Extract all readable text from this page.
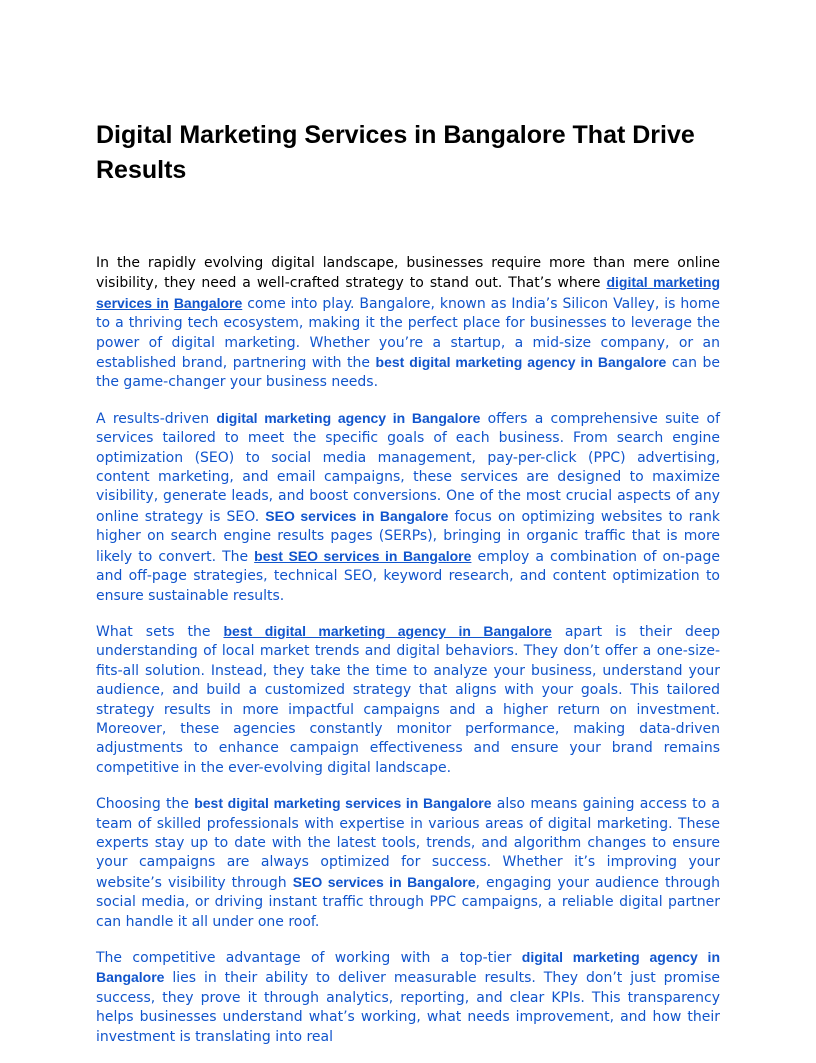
Digital Marketing Services in Bangalore That Drive Results

In the rapidly evolving digital landscape, businesses require more than mere online visibility, they need a well-crafted strategy to stand out. That’s where digital marketing services in Bangalore come into play. Bangalore, known as India’s Silicon Valley, is home to a thriving tech ecosystem, making it the perfect place for businesses to leverage the power of digital marketing. Whether you’re a startup, a mid-size company, or an established brand, partnering with the best digital marketing agency in Bangalore can be the game-changer your business needs.

A results-driven digital marketing agency in Bangalore offers a comprehensive suite of services tailored to meet the specific goals of each business. From search engine optimization (SEO) to social media management, pay-per-click (PPC) advertising, content marketing, and email campaigns, these services are designed to maximize visibility, generate leads, and boost conversions. One of the most crucial aspects of any online strategy is SEO. SEO services in Bangalore focus on optimizing websites to rank higher on search engine results pages (SERPs), bringing in organic traffic that is more likely to convert. The best SEO services in Bangalore employ a combination of on-page and off-page strategies, technical SEO, keyword research, and content optimization to ensure sustainable results.

What sets the best digital marketing agency in Bangalore apart is their deep understanding of local market trends and digital behaviors. They don’t offer a one-size-fits-all solution. Instead, they take the time to analyze your business, understand your audience, and build a customized strategy that aligns with your goals. This tailored strategy results in more impactful campaigns and a higher return on investment. Moreover, these agencies constantly monitor performance, making data-driven adjustments to enhance campaign effectiveness and ensure your brand remains competitive in the ever-evolving digital landscape.

Choosing the best digital marketing services in Bangalore also means gaining access to a team of skilled professionals with expertise in various areas of digital marketing. These experts stay up to date with the latest tools, trends, and algorithm changes to ensure your campaigns are always optimized for success. Whether it’s improving your website’s visibility through SEO services in Bangalore, engaging your audience through social media, or driving instant traffic through PPC campaigns, a reliable digital partner can handle it all under one roof.

The competitive advantage of working with a top-tier digital marketing agency in Bangalore lies in their ability to deliver measurable results. They don’t just promise success, they prove it through analytics, reporting, and clear KPIs. This transparency helps businesses understand what’s working, what needs improvement, and how their investment is translating into real
